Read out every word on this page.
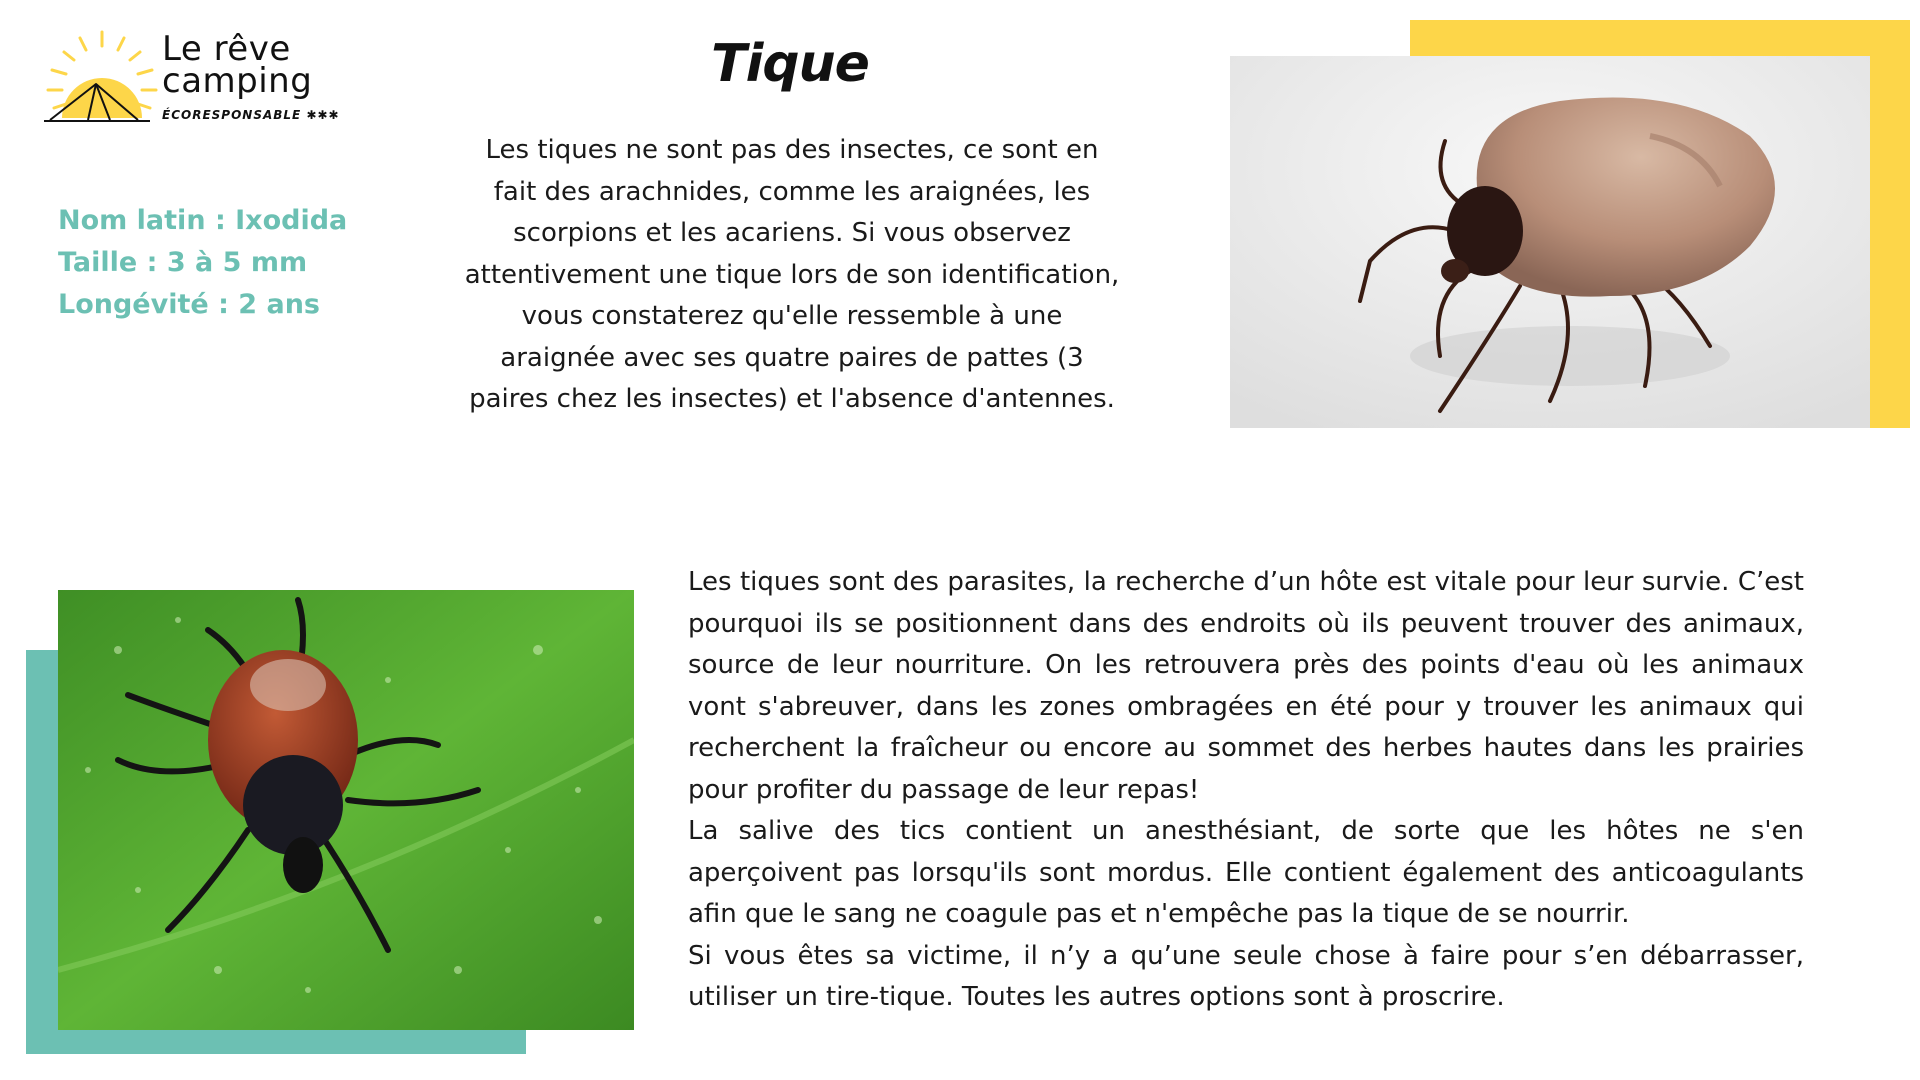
Le rêve
camping
ÉCORESPONSABLE ✱✱✱
Nom latin : Ixodida
Taille : 3 à 5 mm
Longévité : 2 ans
Tique
Les tiques ne sont pas des insectes, ce sont en fait des arachnides, comme les araignées, les scorpions et les acariens. Si vous observez attentivement une tique lors de son identification, vous constaterez qu'elle ressemble à une araignée avec ses quatre paires de pattes (3 paires chez les insectes) et l'absence d'antennes.

Les tiques sont des parasites, la recherche d’un hôte est vitale pour leur survie. C’est pourquoi ils se positionnent dans des endroits où ils peuvent trouver des animaux, source de leur nourriture. On les retrouvera près des points d'eau où les animaux vont s'abreuver, dans les zones ombragées en été pour y trouver les animaux qui recherchent la fraîcheur ou encore au sommet des herbes hautes dans les prairies pour profiter du passage de leur repas!

La salive des tics contient un anesthésiant, de sorte que les hôtes ne s'en aperçoivent pas lorsqu'ils sont mordus. Elle contient également des anticoagulants afin que le sang ne coagule pas et n'empêche pas la tique de se nourrir.

Si vous êtes sa victime, il n’y a qu’une seule chose à faire pour s’en débarrasser, utiliser un tire-tique. Toutes les autres options sont à proscrire.
